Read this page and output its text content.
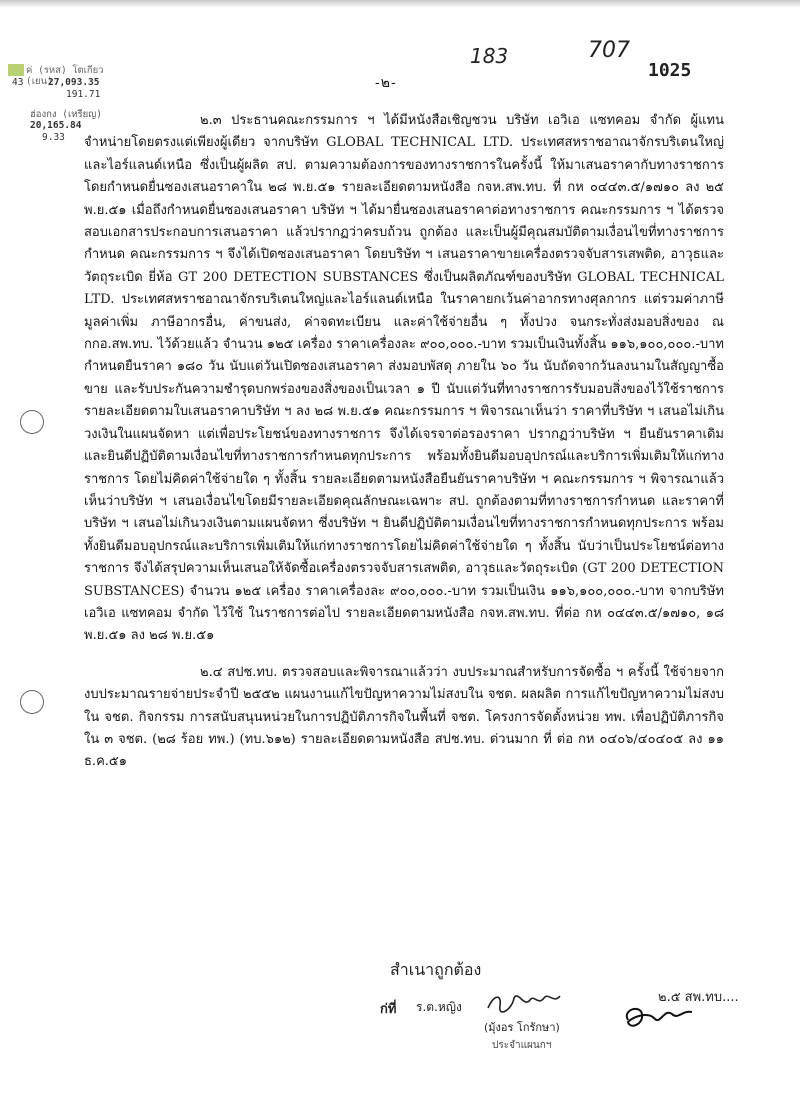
ค่ (รหส) โตเกียว (เยน)
43	27,093.35
191.71
ฮ่องกง (เหรียญ)
20,165.84
9.33
-๒-
183	707
1025

๒.๓ ประธานคณะกรรมการ ฯ ได้มีหนังสือเชิญชวน บริษัท เอวิเอ แซทคอม จำกัด ผู้แทนจำหน่ายโดยตรงแต่เพียงผู้เดียว จากบริษัท GLOBAL TECHNICAL LTD. ประเทศสหราชอาณาจักรบริเตนใหญ่และไอร์แลนด์เหนือ ซึ่งเป็นผู้ผลิต สป. ตามความต้องการของทางราชการในครั้งนี้ ให้มาเสนอราคากับทางราชการ โดยกำหนดยื่นซองเสนอราคาใน ๒๘ พ.ย.๕๑ รายละเอียดตามหนังสือ กจห.สพ.ทบ. ที่ กห ๐๔๔๓.๕/๑๗๑๐ ลง ๒๕ พ.ย.๕๑ เมื่อถึงกำหนดยื่นซองเสนอราคา บริษัท ฯ ได้มายื่นซองเสนอราคาต่อทางราชการ คณะกรรมการ ฯ ได้ตรวจสอบเอกสารประกอบการเสนอราคา แล้วปรากฏว่าครบถ้วน ถูกต้อง และเป็นผู้มีคุณสมบัติตามเงื่อนไขที่ทางราชการกำหนด คณะกรรมการ ฯ จึงได้เปิดซองเสนอราคา โดยบริษัท ฯ เสนอราคาขายเครื่องตรวจจับสารเสพติด, อาวุธและวัตถุระเบิด ยี่ห้อ GT 200 DETECTION SUBSTANCES ซึ่งเป็นผลิตภัณฑ์ของบริษัท GLOBAL TECHNICAL LTD. ประเทศสหราชอาณาจักรบริเตนใหญ่และไอร์แลนด์เหนือ ในราคายกเว้นค่าอากรทางศุลกากร แต่รวมค่าภาษีมูลค่าเพิ่ม ภาษีอากรอื่น, ค่าขนส่ง, ค่าจดทะเบียน และค่าใช้จ่ายอื่น ๆ ทั้งปวง จนกระทั่งส่งมอบสิ่งของ ณ กกอ.สพ.ทบ. ไว้ด้วยแล้ว จำนวน ๑๒๕ เครื่อง ราคาเครื่องละ ๙๐๐,๐๐๐.-บาท รวมเป็นเงินทั้งสิ้น ๑๑๖,๑๐๐,๐๐๐.-บาท กำหนดยืนราคา ๑๘๐ วัน นับแต่วันเปิดซองเสนอราคา ส่งมอบพัสดุ ภายใน ๖๐ วัน นับถัดจากวันลงนามในสัญญาซื้อขาย และรับประกันความชำรุดบกพร่องของสิ่งของเป็นเวลา ๑ ปี นับแต่วันที่ทางราชการรับมอบสิ่งของไว้ใช้ราชการ รายละเอียดตามใบเสนอราคาบริษัท ฯ ลง ๒๘ พ.ย.๕๑ คณะกรรมการ ฯ พิจารณาเห็นว่า ราคาที่บริษัท ฯ เสนอไม่เกินวงเงินในแผนจัดหา แต่เพื่อประโยชน์ของทางราชการ จึงได้เจรจาต่อรองราคา ปรากฏว่าบริษัท ฯ ยืนยันราคาเดิมและยินดีปฏิบัติตามเงื่อนไขที่ทางราชการกำหนดทุกประการ พร้อมทั้งยินดีมอบอุปกรณ์และบริการเพิ่มเติมให้แก่ทางราชการ โดยไม่คิดค่าใช้จ่ายใด ๆ ทั้งสิ้น รายละเอียดตามหนังสือยืนยันราคาบริษัท ฯ คณะกรรมการ ฯ พิจารณาแล้วเห็นว่าบริษัท ฯ เสนอเงื่อนไขโดยมีรายละเอียดคุณลักษณะเฉพาะ สป. ถูกต้องตามที่ทางราชการกำหนด และราคาที่บริษัท ฯ เสนอไม่เกินวงเงินตามแผนจัดหา ซึ่งบริษัท ฯ ยินดีปฏิบัติตามเงื่อนไขที่ทางราชการกำหนดทุกประการ พร้อมทั้งยินดีมอบอุปกรณ์และบริการเพิ่มเติมให้แก่ทางราชการโดยไม่คิดค่าใช้จ่ายใด ๆ ทั้งสิ้น นับว่าเป็นประโยชน์ต่อทางราชการ จึงได้สรุปความเห็นเสนอให้จัดซื้อเครื่องตรวจจับสารเสพติด, อาวุธและวัตถุระเบิด (GT 200 DETECTION SUBSTANCES) จำนวน ๑๒๕ เครื่อง ราคาเครื่องละ ๙๐๐,๐๐๐.-บาท รวมเป็นเงิน ๑๑๖,๑๐๐,๐๐๐.-บาท จากบริษัท เอวิเอ แซทคอม จำกัด ไว้ใช้ ในราชการต่อไป รายละเอียดตามหนังสือ กจห.สพ.ทบ. ที่ต่อ กห ๐๔๔๓.๕/๑๗๑๐, ๑๘ พ.ย.๕๑ ลง ๒๘ พ.ย.๕๑

๒.๔ สปช.ทบ. ตรวจสอบและพิจารณาแล้วว่า งบประมาณสำหรับการจัดซื้อ ฯ ครั้งนี้ ใช้จ่ายจากงบประมาณรายจ่ายประจำปี ๒๕๕๒ แผนงานแก้ไขปัญหาความไม่สงบใน จชต. ผลผลิต การแก้ไขปัญหาความไม่สงบใน จชต. กิจกรรม การสนับสนุนหน่วยในการปฏิบัติภารกิจในพื้นที่ จชต. โครงการจัดตั้งหน่วย ทพ. เพื่อปฏิบัติภารกิจใน ๓ จชต. (๒๘ ร้อย ทพ.) (ทบ.๖๑๒) รายละเอียดตามหนังสือ สปช.ทบ. ด่วนมาก ที่ ต่อ กห ๐๔๐๖/๔๐๔๐๕ ลง ๑๑ ธ.ค.๕๑

สำเนาถูกต้อง
ก่ที่ ร.ต.หญิง
๒.๕ สพ.ทบ....
(มุ้งอร โกรักษา)
ประจำแผนกฯ
